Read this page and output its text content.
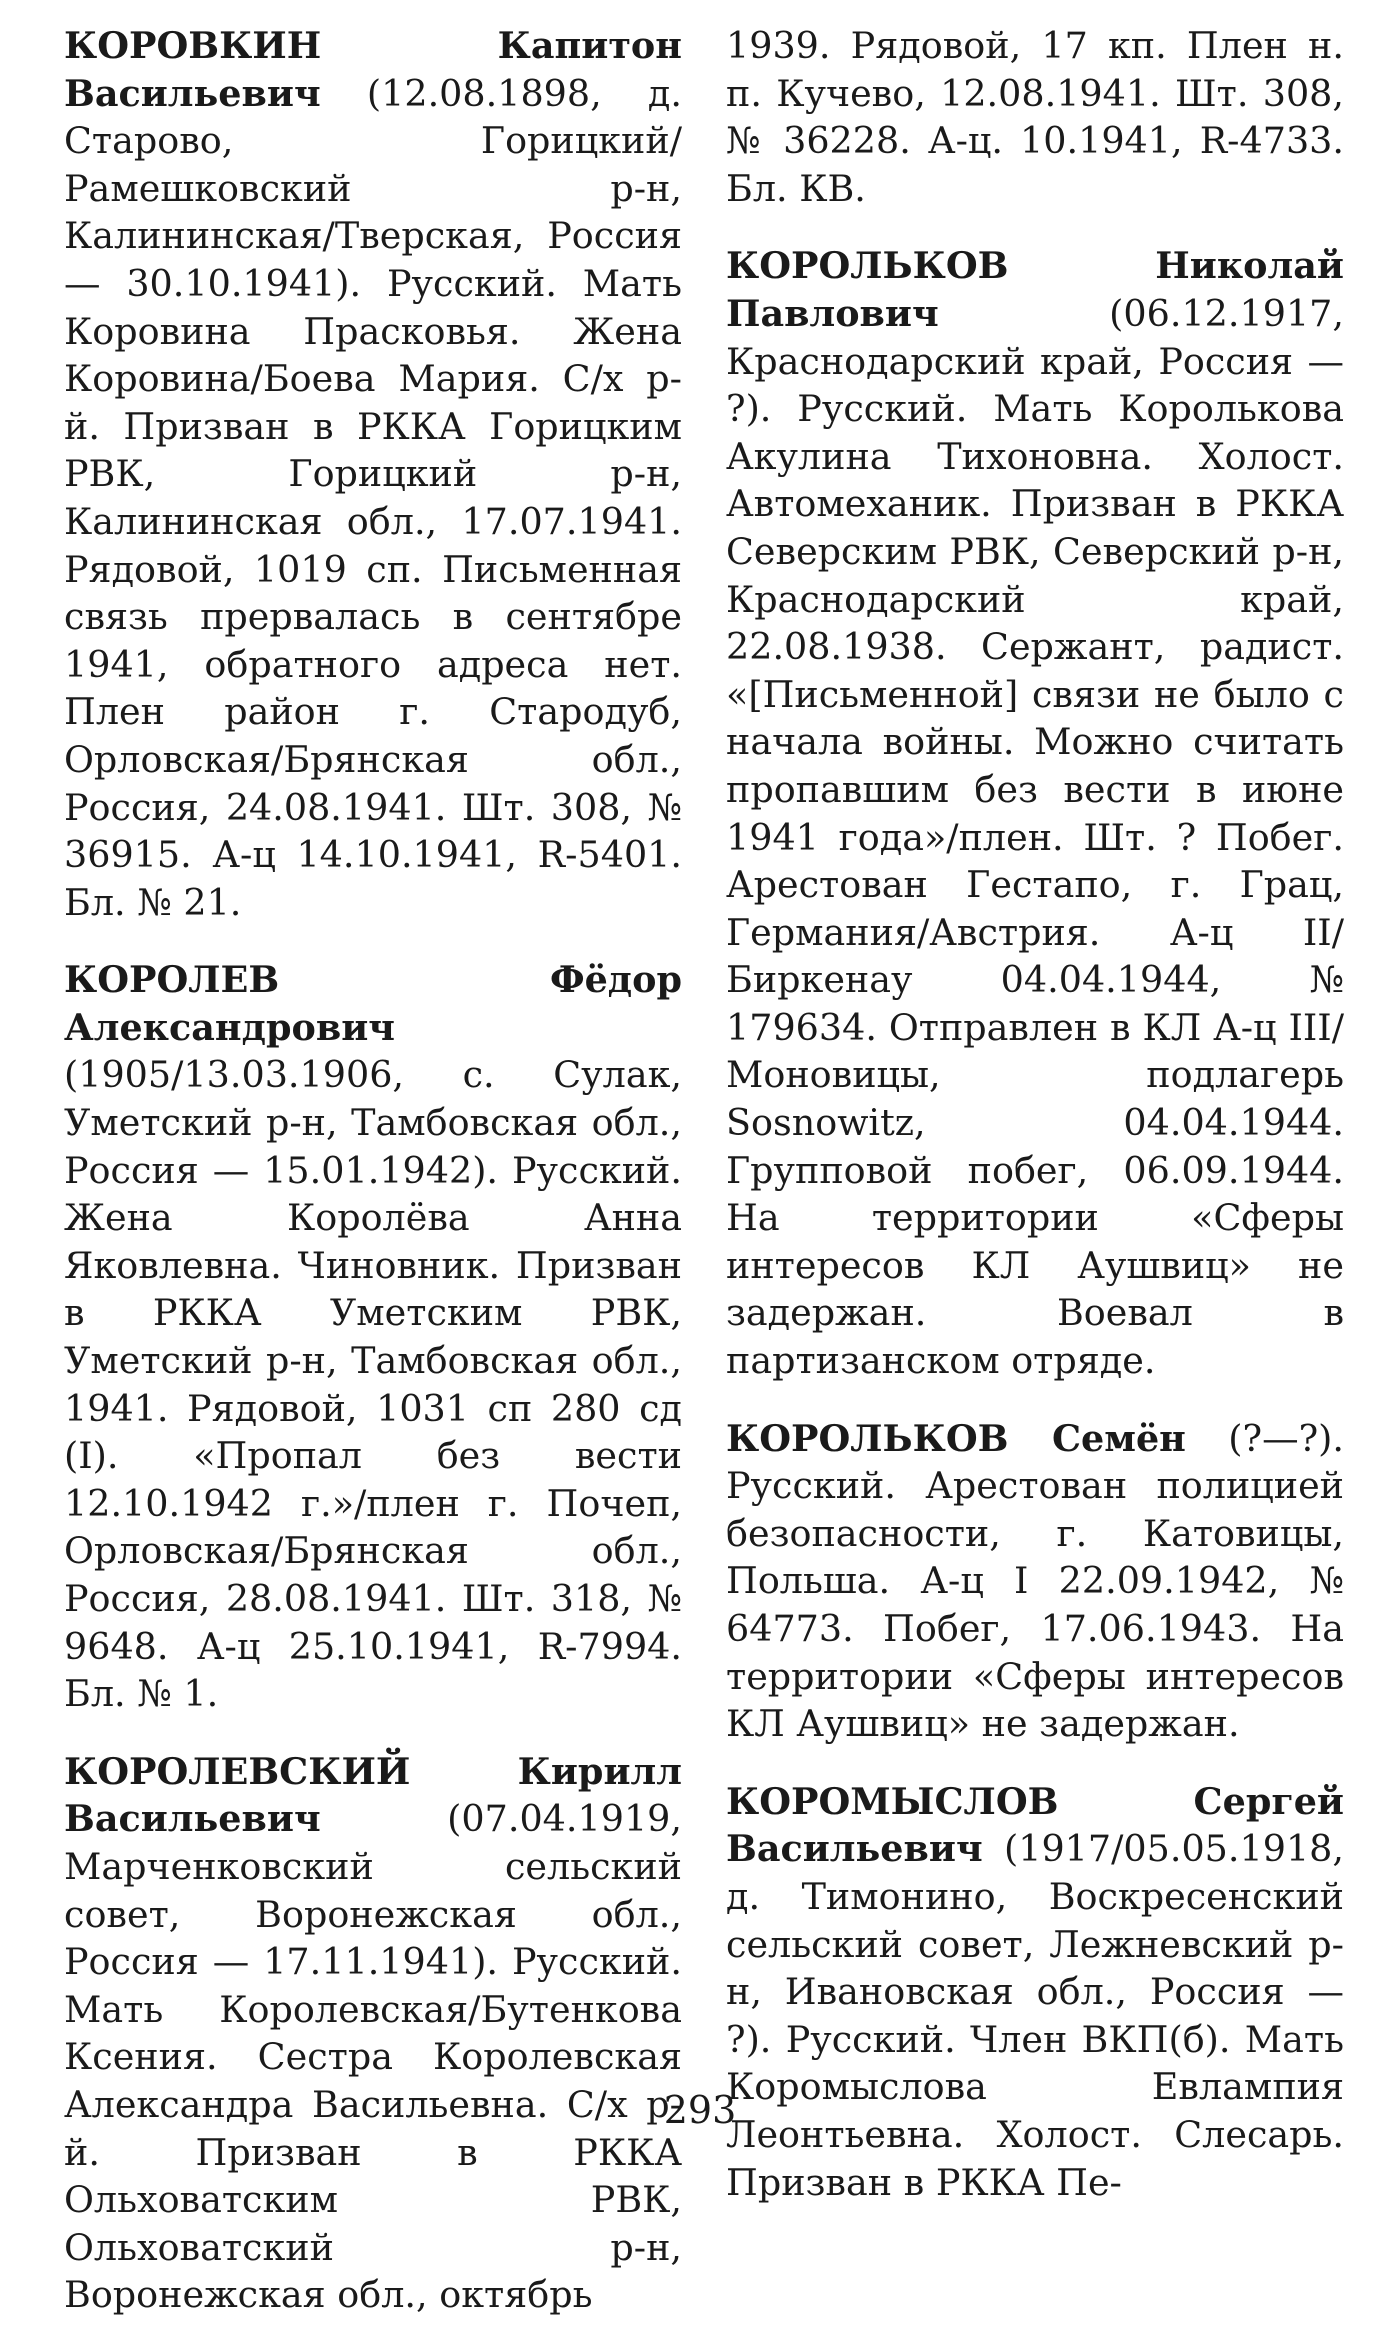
КОРОВКИН Капитон Васильевич (12.08.1898, д. Старово, Горицкий/Рамешковский р-н, Калининская/Тверская, Россия — 30.10.1941). Русский. Мать Коровина Прасковья. Жена Коровина/Боева Мария. С/х р-й. Призван в РККА Горицким РВК, Горицкий р-н, Калининская обл., 17.07.1941. Рядовой, 1019 сп. Письменная связь прервалась в сентябре 1941, обратного адреса нет. Плен район г. Стародуб, Орловская/Брянская обл., Россия, 24.08.1941. Шт. 308, № 36915. А-ц 14.10.1941, R-5401. Бл. № 21.

КОРОЛЕВ Фёдор Александрович (1905/13.03.1906, с. Сулак, Уметский р-н, Тамбовская обл., Россия — 15.01.1942). Русский. Жена Королёва Анна Яковлевна. Чиновник. Призван в РККА Уметским РВК, Уметский р-н, Тамбовская обл., 1941. Рядовой, 1031 сп 280 сд (I). «Пропал без вести 12.10.1942 г.»/плен г. Почеп, Орловская/Брянская обл., Россия, 28.08.1941. Шт. 318, № 9648. А-ц 25.10.1941, R-7994. Бл. № 1.

КОРОЛЕВСКИЙ Кирилл Васильевич (07.04.1919, Марченковский сельский совет, Воронежская обл., Россия — 17.11.1941). Русский. Мать Королевская/Бутенкова Ксения. Сестра Королевская Александра Васильевна. С/х р-й. Призван в РККА Ольховатским РВК, Ольховатский р-н, Воронежская обл., октябрь

1939. Рядовой, 17 кп. Плен н. п. Кучево, 12.08.1941. Шт. 308, № 36228. А-ц. 10.1941, R-4733. Бл. КВ.

КОРОЛЬКОВ Николай Павлович (06.12.1917, Краснодарский край, Россия — ?). Русский. Мать Королькова Акулина Тихоновна. Холост. Автомеханик. Призван в РККА Северским РВК, Северский р-н, Краснодарский край, 22.08.1938. Сержант, радист. «[Письменной] связи не было с начала войны. Можно считать пропавшим без вести в июне 1941 года»/плен. Шт. ? Побег. Арестован Гестапо, г. Грац, Германия/Австрия. А-ц II/Биркенау 04.04.1944, № 179634. Отправлен в КЛ А-ц III/Моновицы, подлагерь Sosnowitz, 04.04.1944. Групповой побег, 06.09.1944. На территории «Сферы интересов КЛ Аушвиц» не задержан. Воевал в партизанском отряде.

КОРОЛЬКОВ Семён (?—?). Русский. Арестован полицией безопасности, г. Катовицы, Польша. А-ц I 22.09.1942, № 64773. Побег, 17.06.1943. На территории «Сферы интересов КЛ Аушвиц» не задержан.

КОРОМЫСЛОВ Сергей Васильевич (1917/05.05.1918, д. Тимонино, Воскресенский сельский совет, Лежневский р-н, Ивановская обл., Россия — ?). Русский. Член ВКП(б). Мать Коромыслова Евлампия Леонтьевна. Холост. Слесарь. Призван в РККА Пе-

293
